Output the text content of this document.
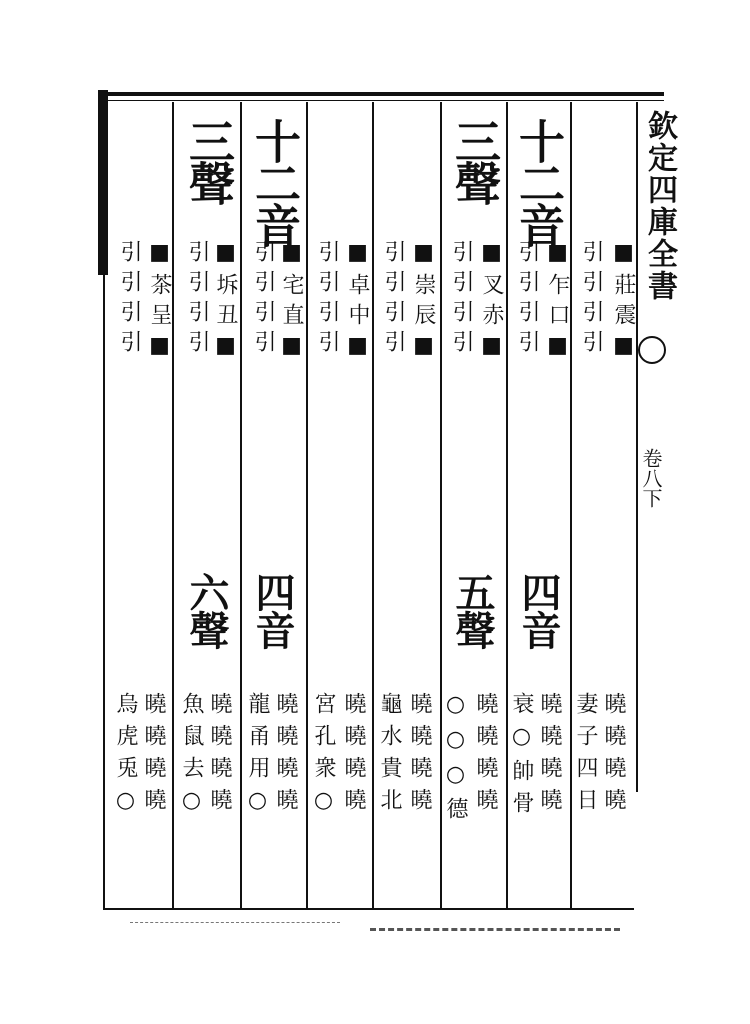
欽定四庫全書
卷八下
■莊震■
引引引引
曉曉曉曉
妻子四日
十二音
■乍口■
引引引引
四音
曉曉曉曉
衰○帥骨
三聲
■叉赤■
引引引引
五聲
曉曉曉曉
○○○德
■崇辰■
引引引引
曉曉曉曉
龜水貴北
■卓中■
引引引引
曉曉曉曉
宮孔衆○
十二音
■宅直■
引引引引
四音
曉曉曉曉
龍甬用○
三聲
■坼丑■
引引引引
六聲
曉曉曉曉
魚鼠去○
■茶呈■
引引引引
曉曉曉曉
烏虎兎○
